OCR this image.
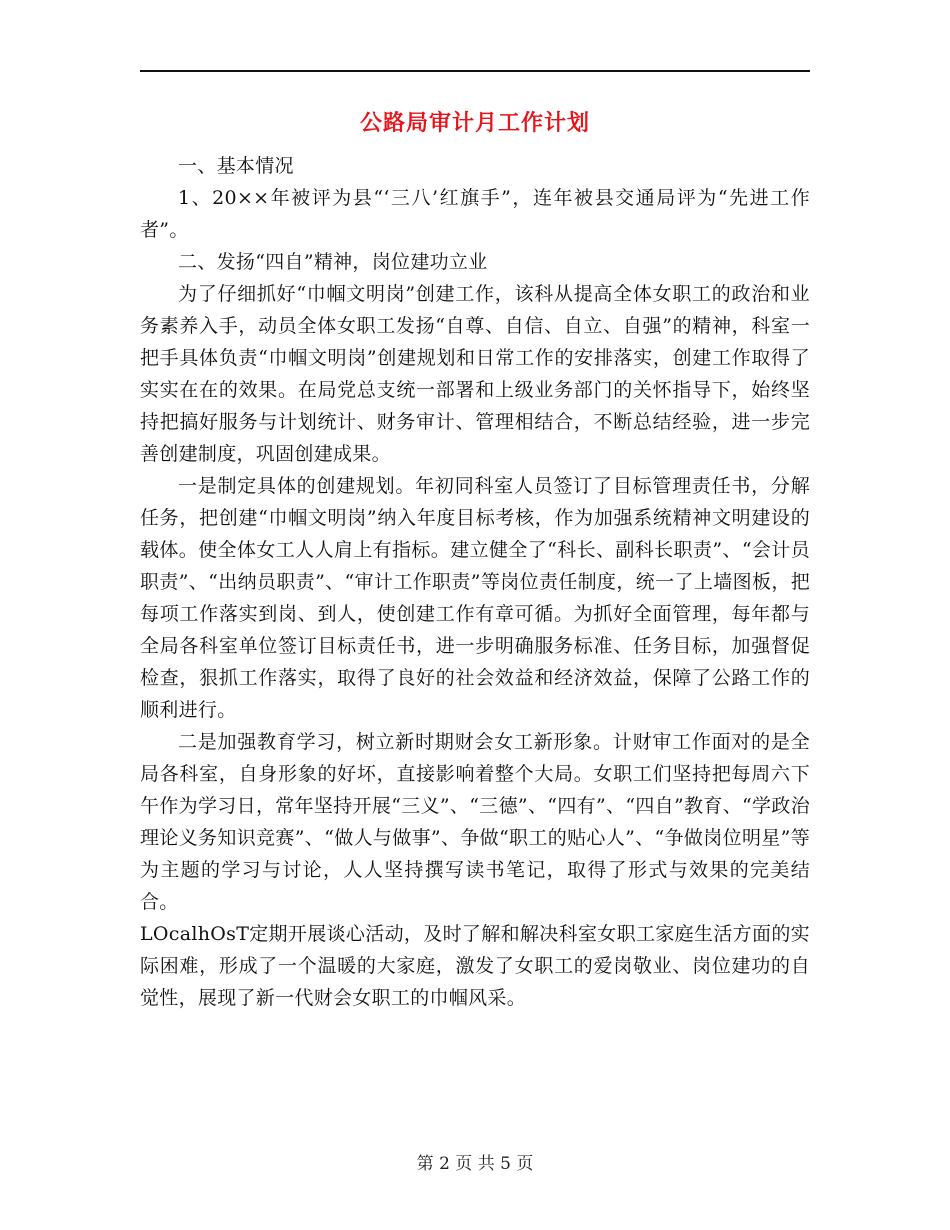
公路局审计月工作计划

一、基本情况

1、20××年被评为县“‘三八’红旗手”，连年被县交通局评为“先进工作者”。

二、发扬“四自”精神，岗位建功立业

为了仔细抓好“巾帼文明岗”创建工作，该科从提高全体女职工的政治和业务素养入手，动员全体女职工发扬“自尊、自信、自立、自强”的精神，科室一把手具体负责“巾帼文明岗”创建规划和日常工作的安排落实，创建工作取得了实实在在的效果。在局党总支统一部署和上级业务部门的关怀指导下，始终坚持把搞好服务与计划统计、财务审计、管理相结合，不断总结经验，进一步完善创建制度，巩固创建成果。

一是制定具体的创建规划。年初同科室人员签订了目标管理责任书，分解任务，把创建“巾帼文明岗”纳入年度目标考核，作为加强系统精神文明建设的载体。使全体女工人人肩上有指标。建立健全了“科长、副科长职责”、“会计员职责”、“出纳员职责”、“审计工作职责”等岗位责任制度，统一了上墙图板，把每项工作落实到岗、到人，使创建工作有章可循。为抓好全面管理，每年都与全局各科室单位签订目标责任书，进一步明确服务标准、任务目标，加强督促检查，狠抓工作落实，取得了良好的社会效益和经济效益，保障了公路工作的顺利进行。

二是加强教育学习，树立新时期财会女工新形象。计财审工作面对的是全局各科室，自身形象的好坏，直接影响着整个大局。女职工们坚持把每周六下午作为学习日，常年坚持开展“三义”、“三德”、“四有”、“四自”教育、“学政治理论义务知识竞赛”、“做人与做事”、争做“职工的贴心人”、“争做岗位明星”等为主题的学习与讨论，人人坚持撰写读书笔记，取得了形式与效果的完美结合。

LOcalhOsT定期开展谈心活动，及时了解和解决科室女职工家庭生活方面的实际困难，形成了一个温暖的大家庭，激发了女职工的爱岗敬业、岗位建功的自觉性，展现了新一代财会女职工的巾帼风采。

第 2 页 共 5 页
